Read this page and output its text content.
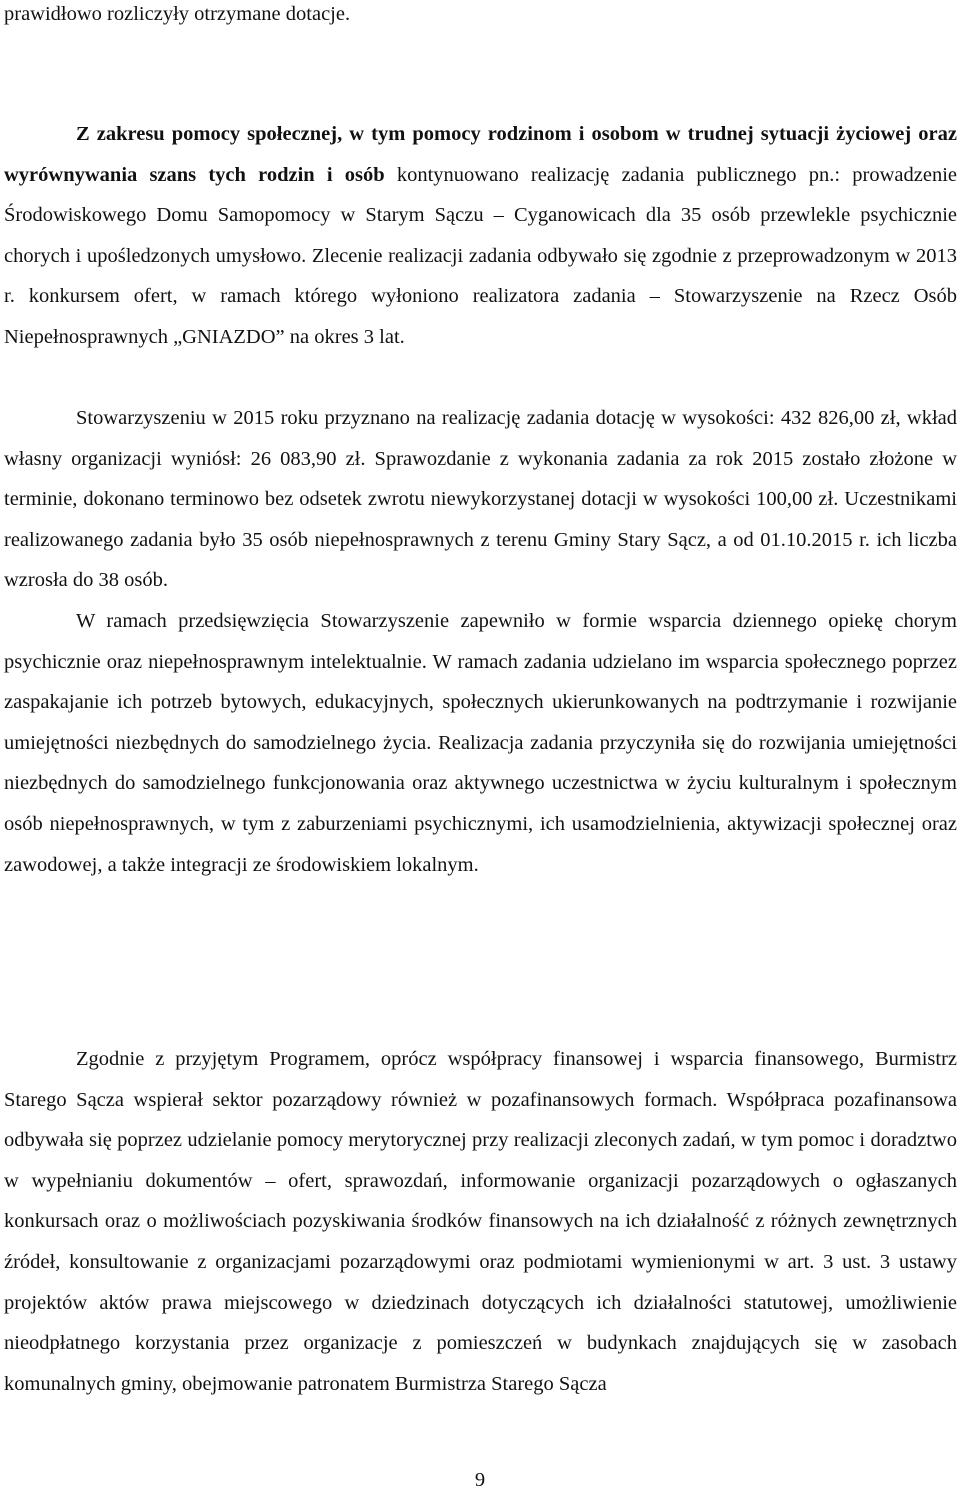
prawidłowo rozliczyły otrzymane dotacje.

Z zakresu pomocy społecznej, w tym pomocy rodzinom i osobom w trudnej sytuacji życiowej oraz wyrównywania szans tych rodzin i osób kontynuowano realizację zadania publicznego pn.: prowadzenie Środowiskowego Domu Samopomocy w Starym Sączu – Cyganowicach dla 35 osób przewlekle psychicznie chorych i upośledzonych umysłowo. Zlecenie realizacji zadania odbywało się zgodnie z przeprowadzonym w 2013 r. konkursem ofert, w ramach którego wyłoniono realizatora zadania – Stowarzyszenie na Rzecz Osób Niepełnosprawnych „GNIAZDO” na okres 3 lat.

Stowarzyszeniu w 2015 roku przyznano na realizację zadania dotację w wysokości: 432 826,00 zł, wkład własny organizacji wyniósł: 26 083,90 zł. Sprawozdanie z wykonania zadania za rok 2015 zostało złożone w terminie, dokonano terminowo bez odsetek zwrotu niewykorzystanej dotacji w wysokości 100,00 zł. Uczestnikami realizowanego zadania było 35 osób niepełnosprawnych z terenu Gminy Stary Sącz, a od 01.10.2015 r. ich liczba wzrosła do 38 osób.

W ramach przedsięwzięcia Stowarzyszenie zapewniło w formie wsparcia dziennego opiekę chorym psychicznie oraz niepełnosprawnym intelektualnie. W ramach zadania udzielano im wsparcia społecznego poprzez zaspakajanie ich potrzeb bytowych, edukacyjnych, społecznych ukierunkowanych na podtrzymanie i rozwijanie umiejętności niezbędnych do samodzielnego życia. Realizacja zadania przyczyniła się do rozwijania umiejętności niezbędnych do samodzielnego funkcjonowania oraz aktywnego uczestnictwa w życiu kulturalnym i społecznym osób niepełnosprawnych, w tym z zaburzeniami psychicznymi, ich usamodzielnienia, aktywizacji społecznej oraz zawodowej, a także integracji ze środowiskiem lokalnym.

Zgodnie z przyjętym Programem, oprócz współpracy finansowej i wsparcia finansowego, Burmistrz Starego Sącza wspierał sektor pozarządowy również w pozafinansowych formach. Współpraca pozafinansowa odbywała się poprzez udzielanie pomocy merytorycznej przy realizacji zleconych zadań, w tym pomoc i doradztwo w wypełnianiu dokumentów – ofert, sprawozdań, informowanie organizacji pozarządowych o ogłaszanych konkursach oraz o możliwościach pozyskiwania środków finansowych na ich działalność z różnych zewnętrznych źródeł, konsultowanie z organizacjami pozarządowymi oraz podmiotami wymienionymi w art. 3 ust. 3 ustawy projektów aktów prawa miejscowego w dziedzinach dotyczących ich działalności statutowej, umożliwienie nieodpłatnego korzystania przez organizacje z pomieszczeń w budynkach znajdujących się w zasobach komunalnych gminy, obejmowanie patronatem Burmistrza Starego Sącza

9
